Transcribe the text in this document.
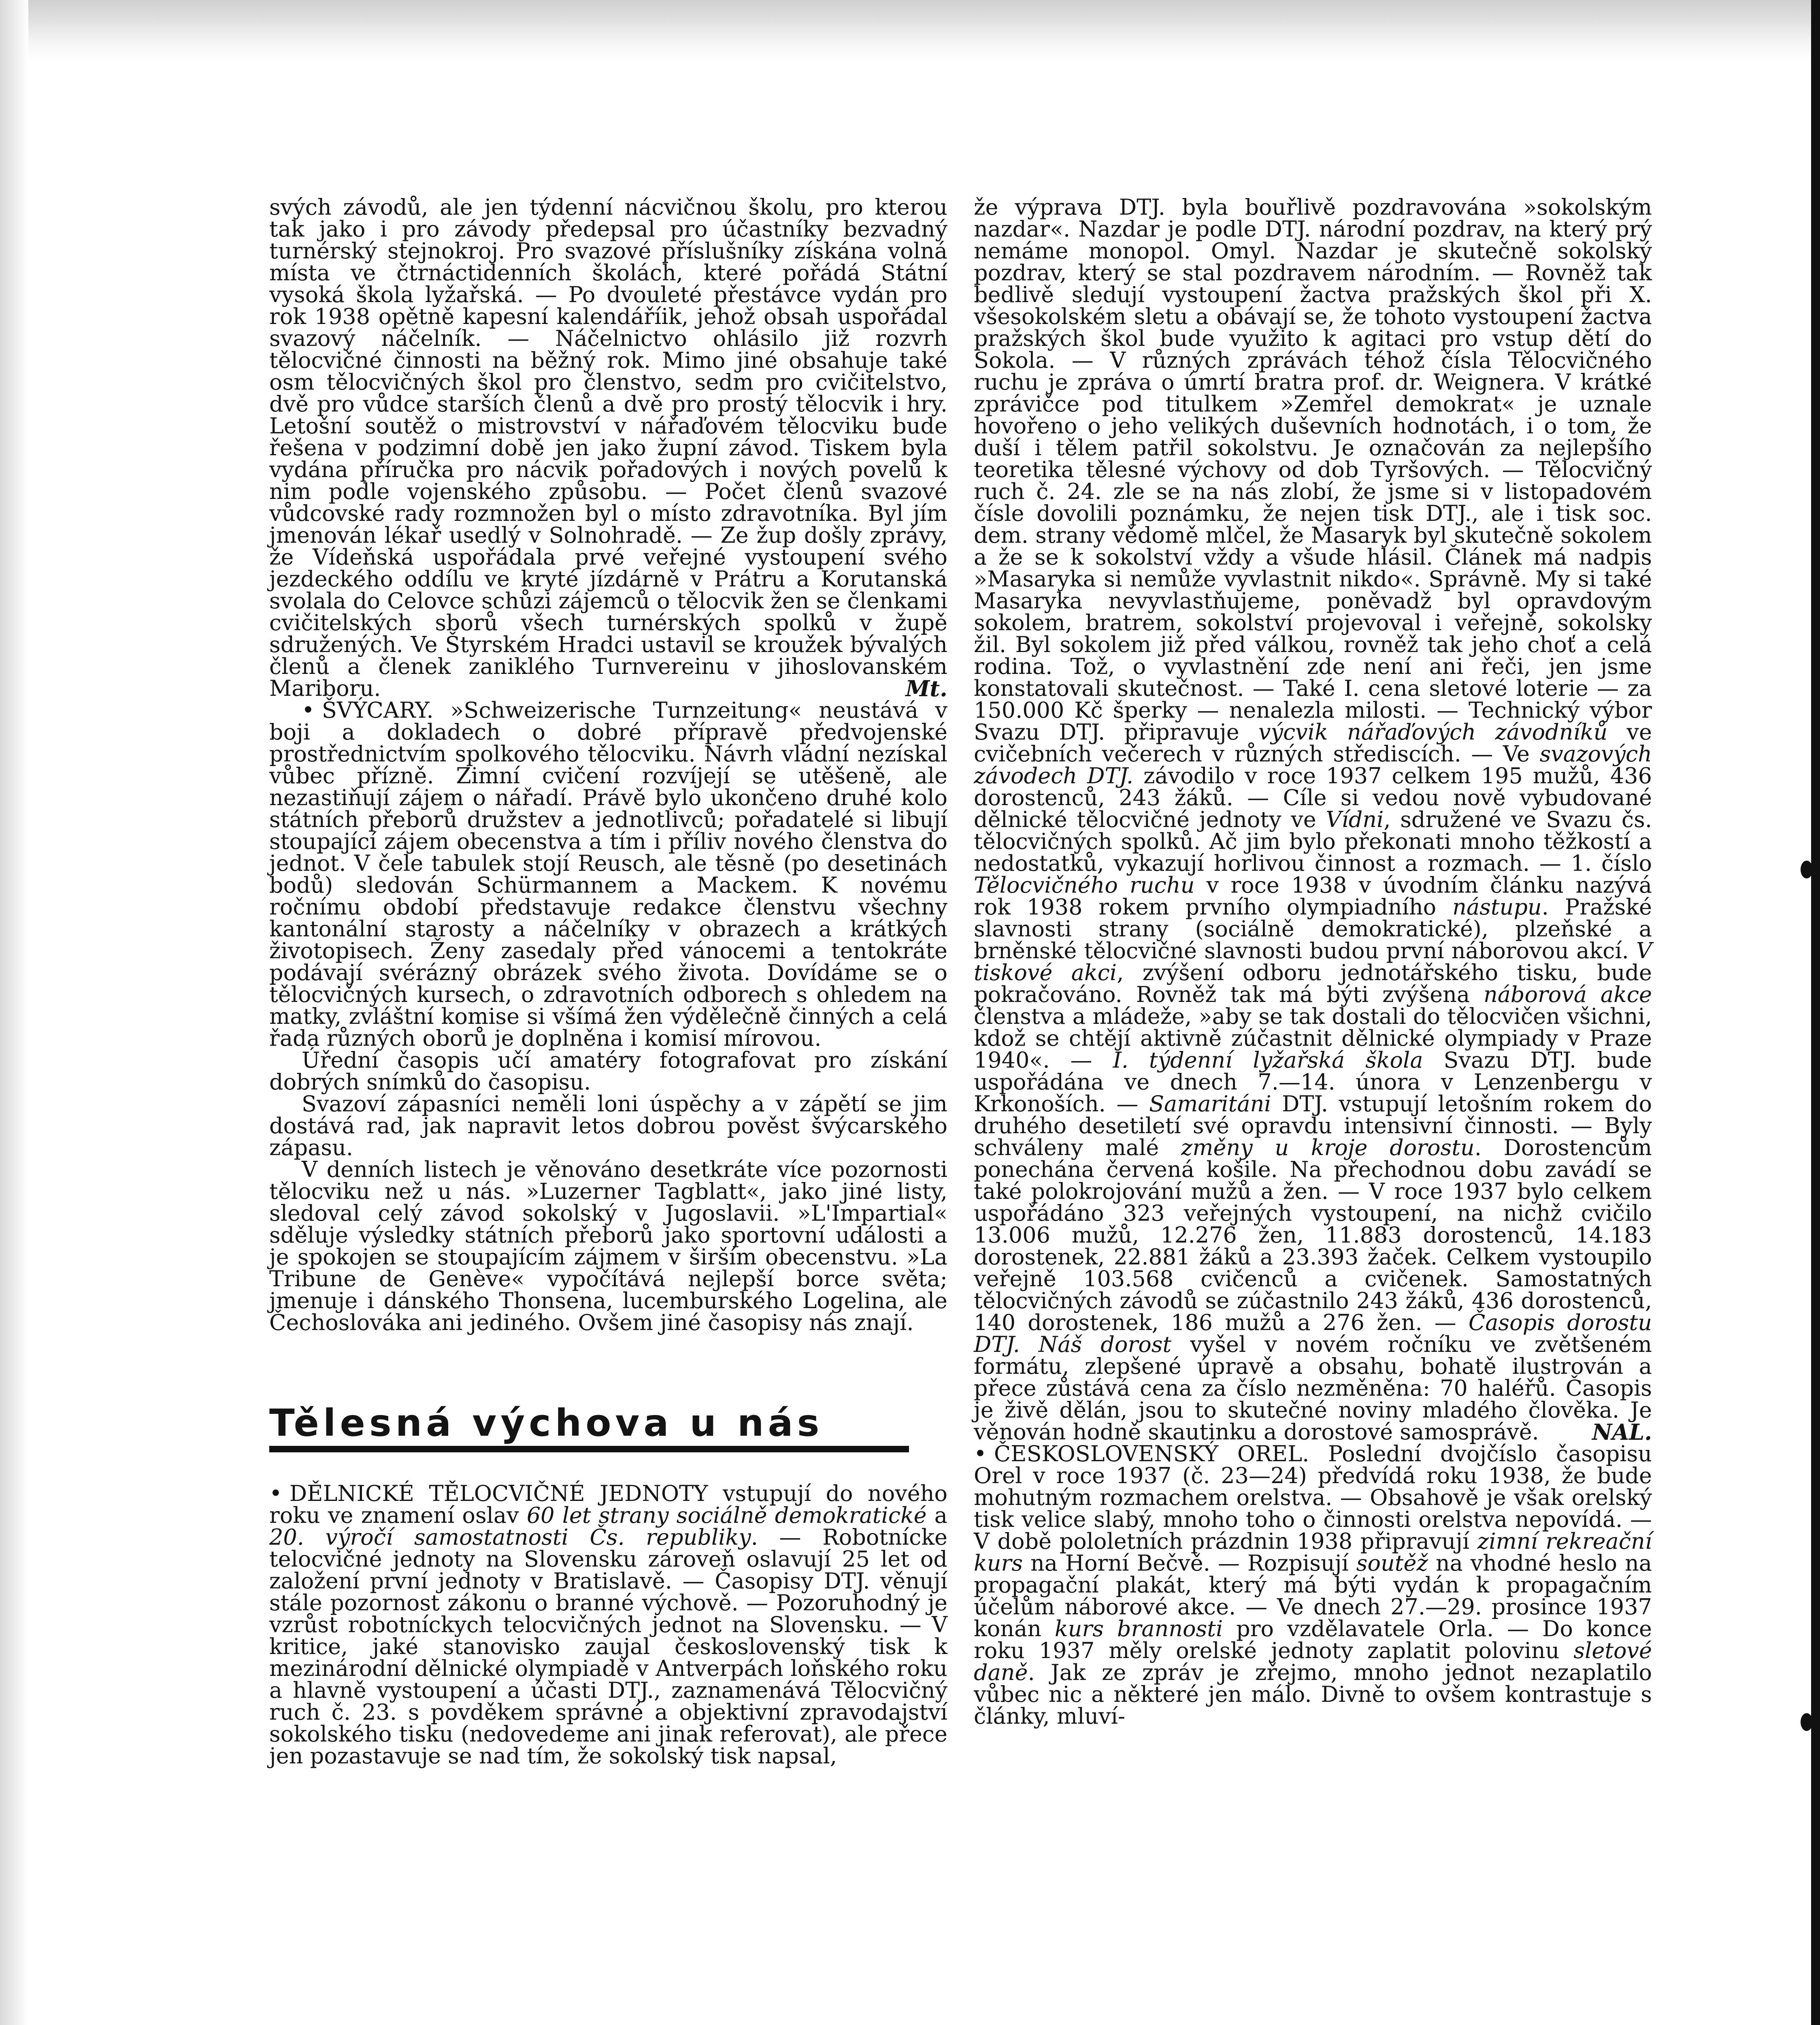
svých závodů, ale jen týdenní nácvičnou školu, pro kterou tak jako i pro závody předepsal pro účastníky bezvadný turnérský stejnokroj. Pro svazové příslušníky získána volná místa ve čtrnáctidenních školách, které pořádá Státní vysoká škola lyžařská. — Po dvouleté přestávce vydán pro rok 1938 opětně kapesní kalendáříik, jehož obsah uspořádal svazový náčelník. — Náčelnictvo ohlásilo již rozvrh tělocvičné činnosti na běžný rok. Mimo jiné obsahuje také osm tělocvičných škol pro členstvo, sedm pro cvičitelstvo, dvě pro vůdce starších členů a dvě pro prostý tělocvik i hry. Letošní soutěž o mistrovství v nářaďovém tělocviku bude řešena v podzimní době jen jako župní závod. Tiskem byla vydána příručka pro nácvik pořadových i nových povelů k nim podle vojenského způsobu. — Počet členů svazové vůdcovské rady rozmnožen byl o místo zdravotníka. Byl jím jmenován lékař usedlý v Solnohradě. — Ze žup došly zprávy, že Vídeňská uspořádala prvé veřejné vystoupení svého jezdeckého oddílu ve kryté jízdárně v Prátru a Korutanská svolala do Celovce schůzi zájemců o tělocvik žen se členkami cvičitelských sborů všech turnérských spolků v župě sdružených. Ve Štyrském Hradci ustavil se kroužek bývalých členů a členek zaniklého Turnvereinu v jihoslovanském Mariboru.	Mt.

• ŠVÝCARY. »Schweizerische Turnzeitung« neustává v boji a dokladech o dobré přípravě předvojenské prostřednictvím spolkového tělocviku. Návrh vládní nezískal vůbec přízně. Zimní cvičení rozvíjejí se utěšeně, ale nezastiňují zájem o nářadí. Právě bylo ukončeno druhé kolo státních přeborů družstev a jednotlivců; pořadatelé si libují stoupající zájem obecenstva a tím i příliv nového členstva do jednot. V čele tabulek stojí Reusch, ale těsně (po desetinách bodů) sledován Schürmannem a Mackem. K novému ročnímu období představuje redakce členstvu všechny kantonální starosty a náčelníky v obrazech a krátkých životopisech. Ženy zasedaly před vánocemi a tentokráte podávají svérázný obrázek svého života. Dovídáme se o tělocvičných kursech, o zdravotních odborech s ohledem na matky, zvláštní komise si všímá žen výdělečně činných a celá řada různých oborů je doplněna i komisí mírovou.

Úřední časopis učí amatéry fotografovat pro získání dobrých snímků do časopisu.

Svazoví zápasníci neměli loni úspěchy a v zápětí se jim dostává rad, jak napravit letos dobrou pověst švýcarského zápasu.

V denních listech je věnováno desetkráte více pozornosti tělocviku než u nás. »Luzerner Tagblatt«, jako jiné listy, sledoval celý závod sokolský v Jugoslavii. »L'Impartial« sděluje výsledky státních přeborů jako sportovní události a je spokojen se stoupajícím zájmem v širším obecenstvu. »La Tribune de Genève« vypočítává nejlepší borce světa; jmenuje i dánského Thonsena, lucemburského Logelina, ale Čechoslováka ani jediného. Ovšem jiné časopisy nás znají.

Tělesná výchova u nás

• DĚLNICKÉ TĚLOCVIČNÉ JEDNOTY vstupují do nového roku ve znamení oslav 60 let strany sociálně demokratické a 20. výročí samostatnosti Čs. republiky. — Robotnícke telocvičné jednoty na Slovensku zároveň oslavují 25 let od založení první jednoty v Bratislavě. — Časopisy DTJ. věnují stále pozornost zákonu o branné výchově. — Pozoruhodný je vzrůst robotníckych telocvičných jednot na Slovensku. — V kritice, jaké stanovisko zaujal československý tisk k mezinárodní dělnické olympiadě v Antverpách loňského roku a hlavně vystoupení a účasti DTJ., zaznamenává Tělocvičný ruch č. 23. s povděkem správné a objektivní zpravodajství sokolského tisku (nedovedeme ani jinak referovat), ale přece jen pozastavuje se nad tím, že sokolský tisk napsal,

že výprava DTJ. byla bouřlivě pozdravována »sokolským nazdar«. Nazdar je podle DTJ. národní pozdrav, na který prý nemáme monopol. Omyl. Nazdar je skutečně sokolský pozdrav, který se stal pozdravem národním. — Rovněž tak bedlivě sledují vystoupení žactva pražských škol při X. všesokolském sletu a obávají se, že tohoto vystoupení žactva pražských škol bude využito k agitaci pro vstup dětí do Sokola. — V různých zprávách téhož čísla Tělocvičného ruchu je zpráva o úmrtí bratra prof. dr. Weignera. V krátké zprávičce pod titulkem »Zemřel demokrat« je uznale hovořeno o jeho velikých duševních hodnotách, i o tom, že duší i tělem patřil sokolstvu. Je označován za nejlepšího teoretika tělesné výchovy od dob Tyršových. — Tělocvičný ruch č. 24. zle se na nás zlobí, že jsme si v listopadovém čísle dovolili poznámku, že nejen tisk DTJ., ale i tisk soc. dem. strany vědomě mlčel, že Masaryk byl skutečně sokolem a že se k sokolství vždy a všude hlásil. Článek má nadpis »Masaryka si nemůže vyvlastnit nikdo«. Správně. My si také Masaryka nevyvlastňujeme, poněvadž byl opravdovým sokolem, bratrem, sokolství projevoval i veřejně, sokolsky žil. Byl sokolem již před válkou, rovněž tak jeho choť a celá rodina. Tož, o vyvlastnění zde není ani řeči, jen jsme konstatovali skutečnost. — Také I. cena sletové loterie — za 150.000 Kč šperky — nenalezla milosti. — Technický výbor Svazu DTJ. připravuje výcvik nářaďových závodníků ve cvičebních večerech v různých střediscích. — Ve svazových závodech DTJ. závodilo v roce 1937 celkem 195 mužů, 436 dorostenců, 243 žáků. — Cíle si vedou nově vybudované dělnické tělocvičné jednoty ve Vídni, sdružené ve Svazu čs. tělocvičných spolků. Ač jim bylo překonati mnoho těžkostí a nedostatků, vykazují horlivou činnost a rozmach. — 1. číslo Tělocvičného ruchu v roce 1938 v úvodním článku nazývá rok 1938 rokem prvního olympiadního nástupu. Pražské slavnosti strany (sociálně demokratické), plzeňské a brněnské tělocvičné slavnosti budou první náborovou akcí. V tiskové akci, zvýšení odboru jednotářského tisku, bude pokračováno. Rovněž tak má býti zvýšena náborová akce členstva a mládeže, »aby se tak dostali do tělocvičen všichni, kdož se chtějí aktivně zúčastnit dělnické olympiady v Praze 1940«. — I. týdenní lyžařská škola Svazu DTJ. bude uspořádána ve dnech 7.—14. února v Lenzenbergu v Krkonoších. — Samaritáni DTJ. vstupují letošním rokem do druhého desetiletí své opravdu intensivní činnosti. — Byly schváleny malé změny u kroje dorostu. Dorostencům ponechána červená košile. Na přechodnou dobu zavádí se také polokrojování mužů a žen. — V roce 1937 bylo celkem uspořádáno 323 veřejných vystoupení, na nichž cvičilo 13.006 mužů, 12.276 žen, 11.883 dorostenců, 14.183 dorostenek, 22.881 žáků a 23.393 žaček. Celkem vystoupilo veřejně 103.568 cvičenců a cvičenek. Samostatných tělocvičných závodů se zúčastnilo 243 žáků, 436 dorostenců, 140 dorostenek, 186 mužů a 276 žen. — Časopis dorostu DTJ. Náš dorost vyšel v novém ročníku ve zvětšeném formátu, zlepšené úpravě a obsahu, bohatě ilustrován a přece zůstává cena za číslo nezměněna: 70 haléřů. Časopis je živě dělán, jsou to skutečné noviny mladého člověka. Je věnován hodně skautinku a dorostové samosprávě. NAL.

• ČESKOSLOVENSKÝ OREL. Poslední dvojčíslo časopisu Orel v roce 1937 (č. 23—24) předvídá roku 1938, že bude mohutným rozmachem orelstva. — Obsahově je však orelský tisk velice slabý, mnoho toho o činnosti orelstva nepovídá. — V době pololetních prázdnin 1938 připravují zimní rekreační kurs na Horní Bečvě. — Rozpisují soutěž na vhodné heslo na propagační plakát, který má býti vydán k propagačním účelům náborové akce. — Ve dnech 27.—29. prosince 1937 konán kurs brannosti pro vzdělavatele Orla. — Do konce roku 1937 měly orelské jednoty zaplatit polovinu sletové daně. Jak ze zpráv je zřejmo, mnoho jednot nezaplatilo vůbec nic a některé jen málo. Divně to ovšem kontrastuje s články, mluví-
